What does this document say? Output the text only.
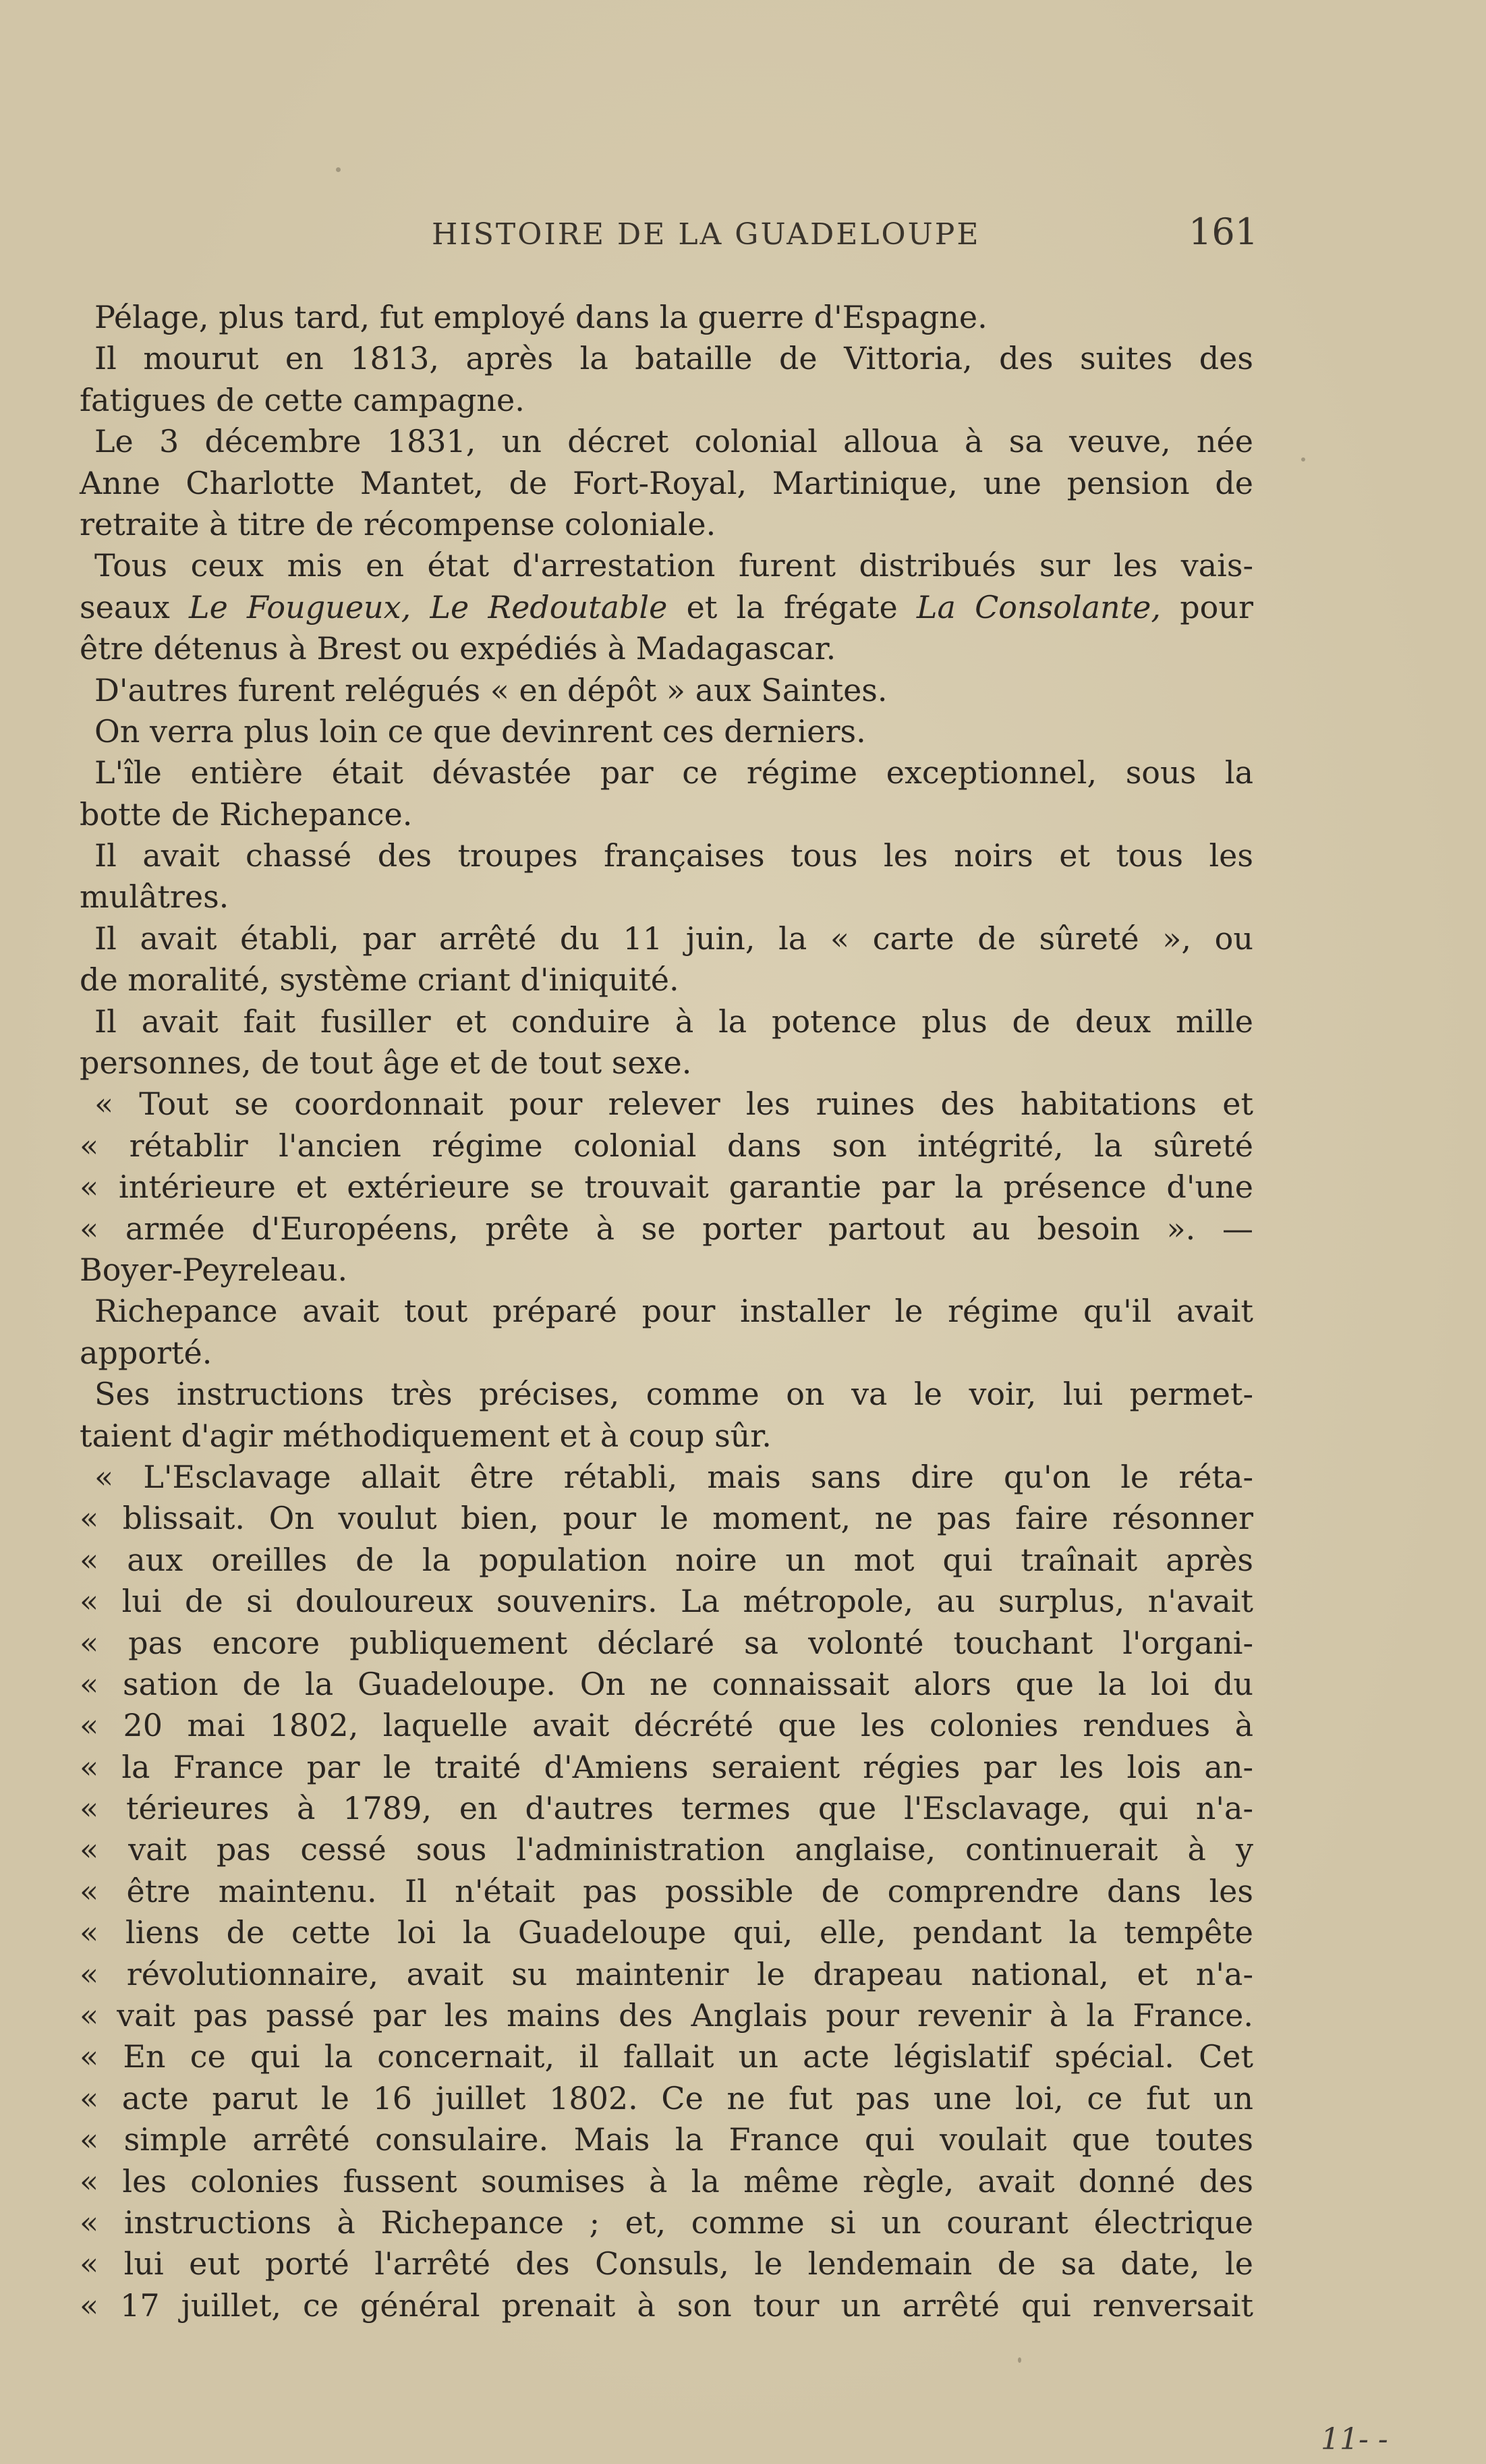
HISTOIRE DE LA GUADELOUPE	161
Pélage, plus tard, fut employé dans la guerre d'Espagne.
Il mourut en 1813, après la bataille de Vittoria, des suites des
fatigues de cette campagne.
Le 3 décembre 1831, un décret colonial alloua à sa veuve, née
Anne Charlotte Mantet, de Fort-Royal, Martinique, une pension de
retraite à titre de récompense coloniale.
Tous ceux mis en état d'arrestation furent distribués sur les vais-
seaux Le Fougueux, Le Redoutable et la frégate La Consolante, pour
être détenus à Brest ou expédiés à Madagascar.
D'autres furent relégués « en dépôt » aux Saintes.
On verra plus loin ce que devinrent ces derniers.
L'île entière était dévastée par ce régime exceptionnel, sous la
botte de Richepance.
Il avait chassé des troupes françaises tous les noirs et tous les
mulâtres.
Il avait établi, par arrêté du 11 juin, la « carte de sûreté », ou
de moralité, système criant d'iniquité.
Il avait fait fusiller et conduire à la potence plus de deux mille
personnes, de tout âge et de tout sexe.
« Tout se coordonnait pour relever les ruines des habitations et
« rétablir l'ancien régime colonial dans son intégrité, la sûreté
« intérieure et extérieure se trouvait garantie par la présence d'une
« armée d'Européens, prête à se porter partout au besoin ». —
Boyer-Peyreleau.
Richepance avait tout préparé pour installer le régime qu'il avait
apporté.
Ses instructions très précises, comme on va le voir, lui permet-
taient d'agir méthodiquement et à coup sûr.
« L'Esclavage allait être rétabli, mais sans dire qu'on le réta-
« blissait. On voulut bien, pour le moment, ne pas faire résonner
« aux oreilles de la population noire un mot qui traînait après
« lui de si douloureux souvenirs. La métropole, au surplus, n'avait
« pas encore publiquement déclaré sa volonté touchant l'organi-
« sation de la Guadeloupe. On ne connaissait alors que la loi du
« 20 mai 1802, laquelle avait décrété que les colonies rendues à
« la France par le traité d'Amiens seraient régies par les lois an-
« térieures à 1789, en d'autres termes que l'Esclavage, qui n'a-
« vait pas cessé sous l'administration anglaise, continuerait à y
« être maintenu. Il n'était pas possible de comprendre dans les
« liens de cette loi la Guadeloupe qui, elle, pendant la tempête
« révolutionnaire, avait su maintenir le drapeau national, et n'a-
« vait pas passé par les mains des Anglais pour revenir à la France.
« En ce qui la concernait, il fallait un acte législatif spécial. Cet
« acte parut le 16 juillet 1802. Ce ne fut pas une loi, ce fut un
« simple arrêté consulaire. Mais la France qui voulait que toutes
« les colonies fussent soumises à la même règle, avait donné des
« instructions à Richepance ; et, comme si un courant électrique
« lui eut porté l'arrêté des Consuls, le lendemain de sa date, le
« 17 juillet, ce général prenait à son tour un arrêté qui renversait
11- -
